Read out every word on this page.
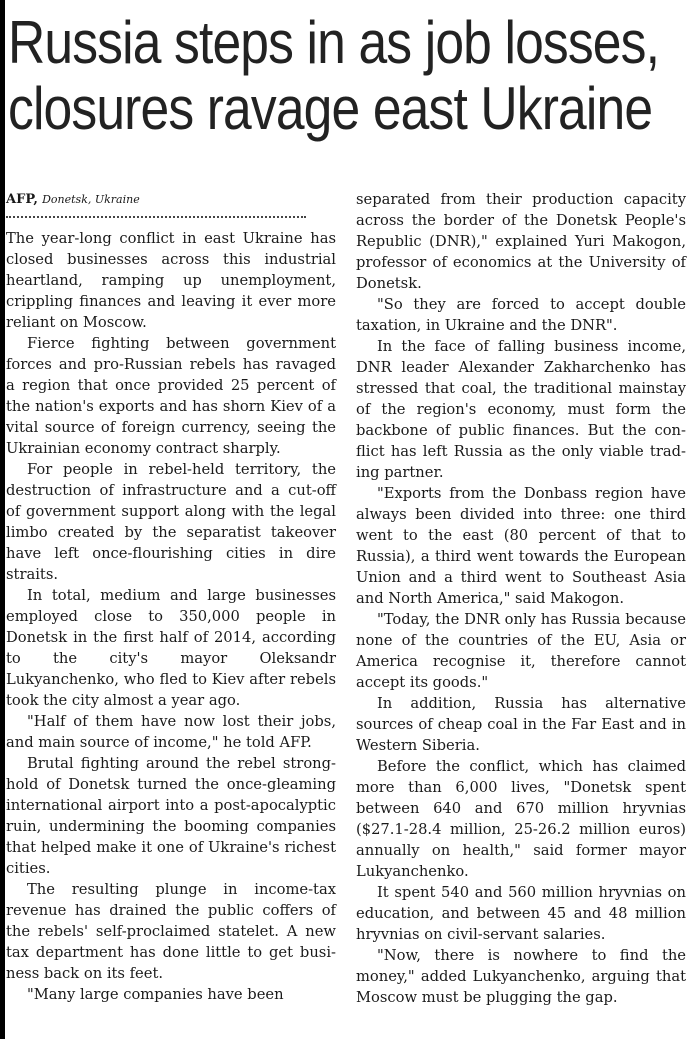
Russia steps in as job losses,
closures ravage east Ukraine
AFP, Donetsk, Ukraine

The year-long conflict in east Ukraine has closed businesses across this industrial heartland, ramping up unemployment, crippling finances and leaving it ever more reliant on Moscow.

Fierce fighting between government forces and pro-Russian rebels has ravaged a region that once provided 25 percent of the nation's exports and has shorn Kiev of a vital source of foreign currency, seeing the Ukrainian economy contract sharply.

For people in rebel-held territory, the destruction of infrastructure and a cut-off of government support along with the legal limbo created by the separatist takeover have left once-flourishing cities in dire straits.

In total, medium and large businesses employed close to 350,000 people in Donetsk in the first half of 2014, according to the city's mayor Oleksandr Lukyanchenko, who fled to Kiev after rebels took the city almost a year ago.

"Half of them have now lost their jobs, and main source of income," he told AFP.

Brutal fighting around the rebel stronghold of Donetsk turned the once-gleaming international airport into a post-apocalyptic ruin, undermining the booming companies that helped make it one of Ukraine's richest cities.

The resulting plunge in income-tax revenue has drained the public coffers of the rebels' self-proclaimed statelet. A new tax department has done little to get business back on its feet.

"Many large companies have been

separated from their production capacity across the border of the Donetsk People's Republic (DNR)," explained Yuri Makogon, professor of economics at the University of Donetsk.

"So they are forced to accept double taxation, in Ukraine and the DNR".

In the face of falling business income, DNR leader Alexander Zakharchenko has stressed that coal, the traditional mainstay of the region's economy, must form the backbone of public finances. But the conflict has left Russia as the only viable trading partner.

"Exports from the Donbass region have always been divided into three: one third went to the east (80 percent of that to Russia), a third went towards the European Union and a third went to Southeast Asia and North America," said Makogon.

"Today, the DNR only has Russia because none of the countries of the EU, Asia or America recognise it, therefore cannot accept its goods."

In addition, Russia has alternative sources of cheap coal in the Far East and in Western Siberia.

Before the conflict, which has claimed more than 6,000 lives, "Donetsk spent between 640 and 670 million hryvnias ($27.1-28.4 million, 25-26.2 million euros) annually on health," said former mayor Lukyanchenko.

It spent 540 and 560 million hryvnias on education, and between 45 and 48 million hryvnias on civil-servant salaries.

"Now, there is nowhere to find the money," added Lukyanchenko, arguing that Moscow must be plugging the gap.
